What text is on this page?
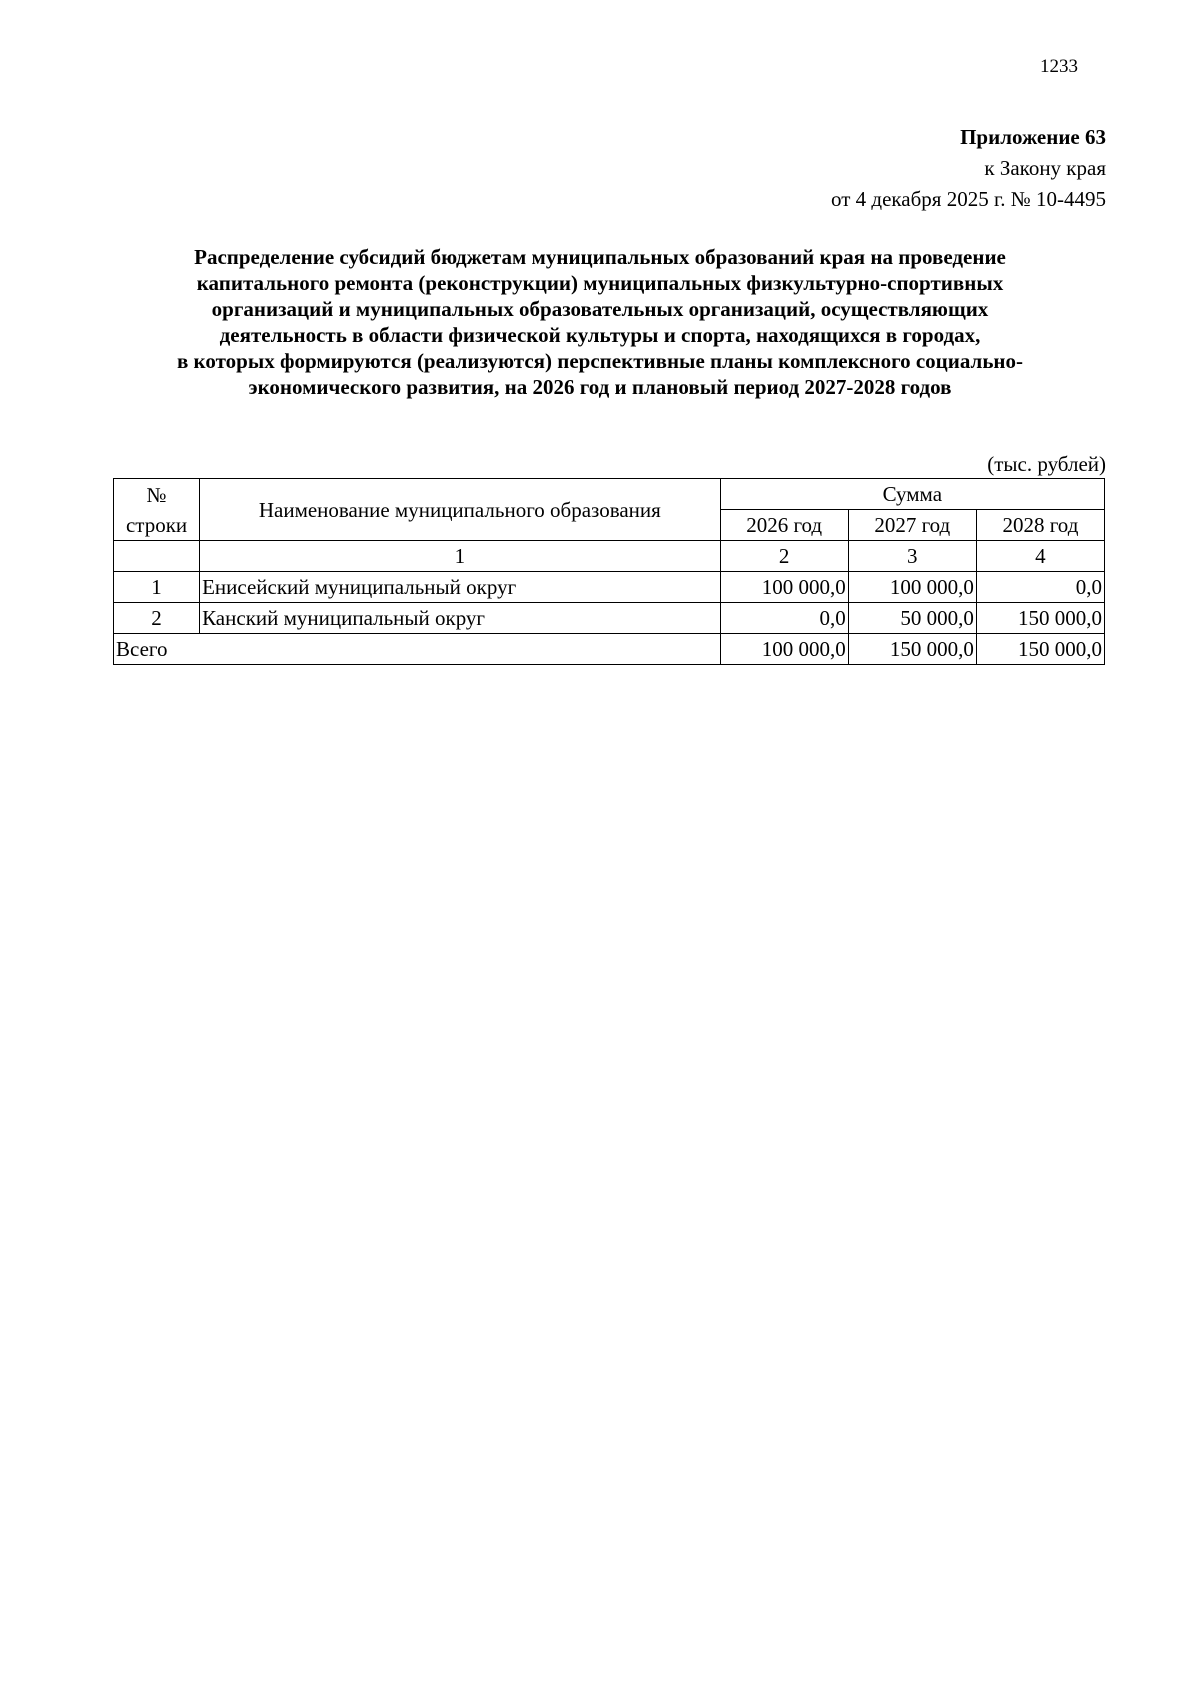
1233
Приложение 63
к Закону края
от 4 декабря 2025 г. № 10-4495
Распределение субсидий бюджетам муниципальных образований края на проведение
капитального ремонта (реконструкции) муниципальных физкультурно-спортивных
организаций и муниципальных образовательных организаций, осуществляющих
деятельность в области физической культуры и спорта, находящихся в городах,
в которых формируются (реализуются) перспективные планы комплексного социально-
экономического развития, на 2026 год и плановый период 2027-2028 годов
(тыс. рублей)
№
строки	Наименование муниципального образования	Сумма		
		2026 год	2027 год	2028 год
	1	2	3	4
1	Енисейский муниципальный округ	100 000,0	100 000,0	0,0
2	Канский муниципальный округ	0,0	50 000,0	150 000,0
Всего		100 000,0	150 000,0	150 000,0
